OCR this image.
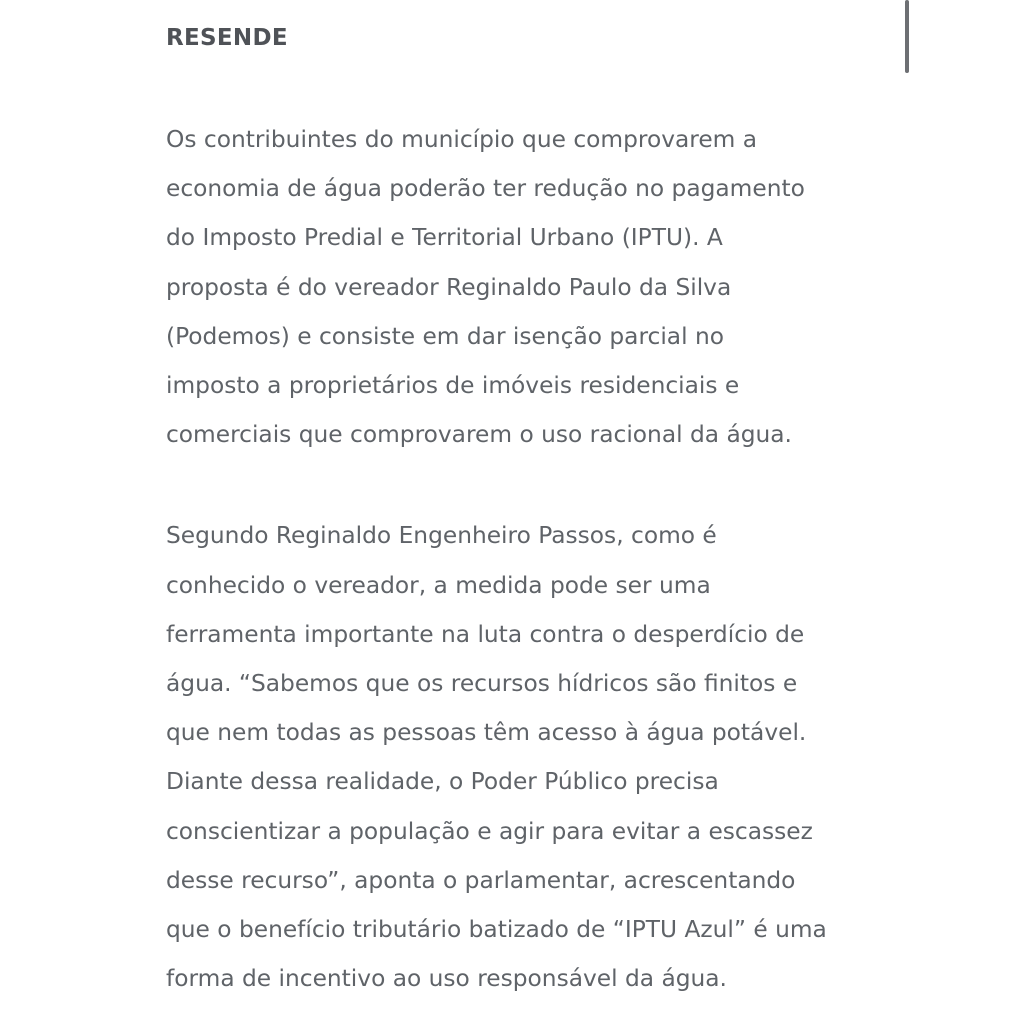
RESENDE

Os contribuintes do município que comprovarem a
economia de água poderão ter redução no pagamento
do Imposto Predial e Territorial Urbano (IPTU). A
proposta é do vereador Reginaldo Paulo da Silva
(Podemos) e consiste em dar isenção parcial no
imposto a proprietários de imóveis residenciais e
comerciais que comprovarem o uso racional da água.

Segundo Reginaldo Engenheiro Passos, como é
conhecido o vereador, a medida pode ser uma
ferramenta importante na luta contra o desperdício de
água. “Sabemos que os recursos hídricos são finitos e
que nem todas as pessoas têm acesso à água potável.
Diante dessa realidade, o Poder Público precisa
conscientizar a população e agir para evitar a escassez
desse recurso”, aponta o parlamentar, acrescentando
que o benefício tributário batizado de “IPTU Azul” é uma
forma de incentivo ao uso responsável da água.
